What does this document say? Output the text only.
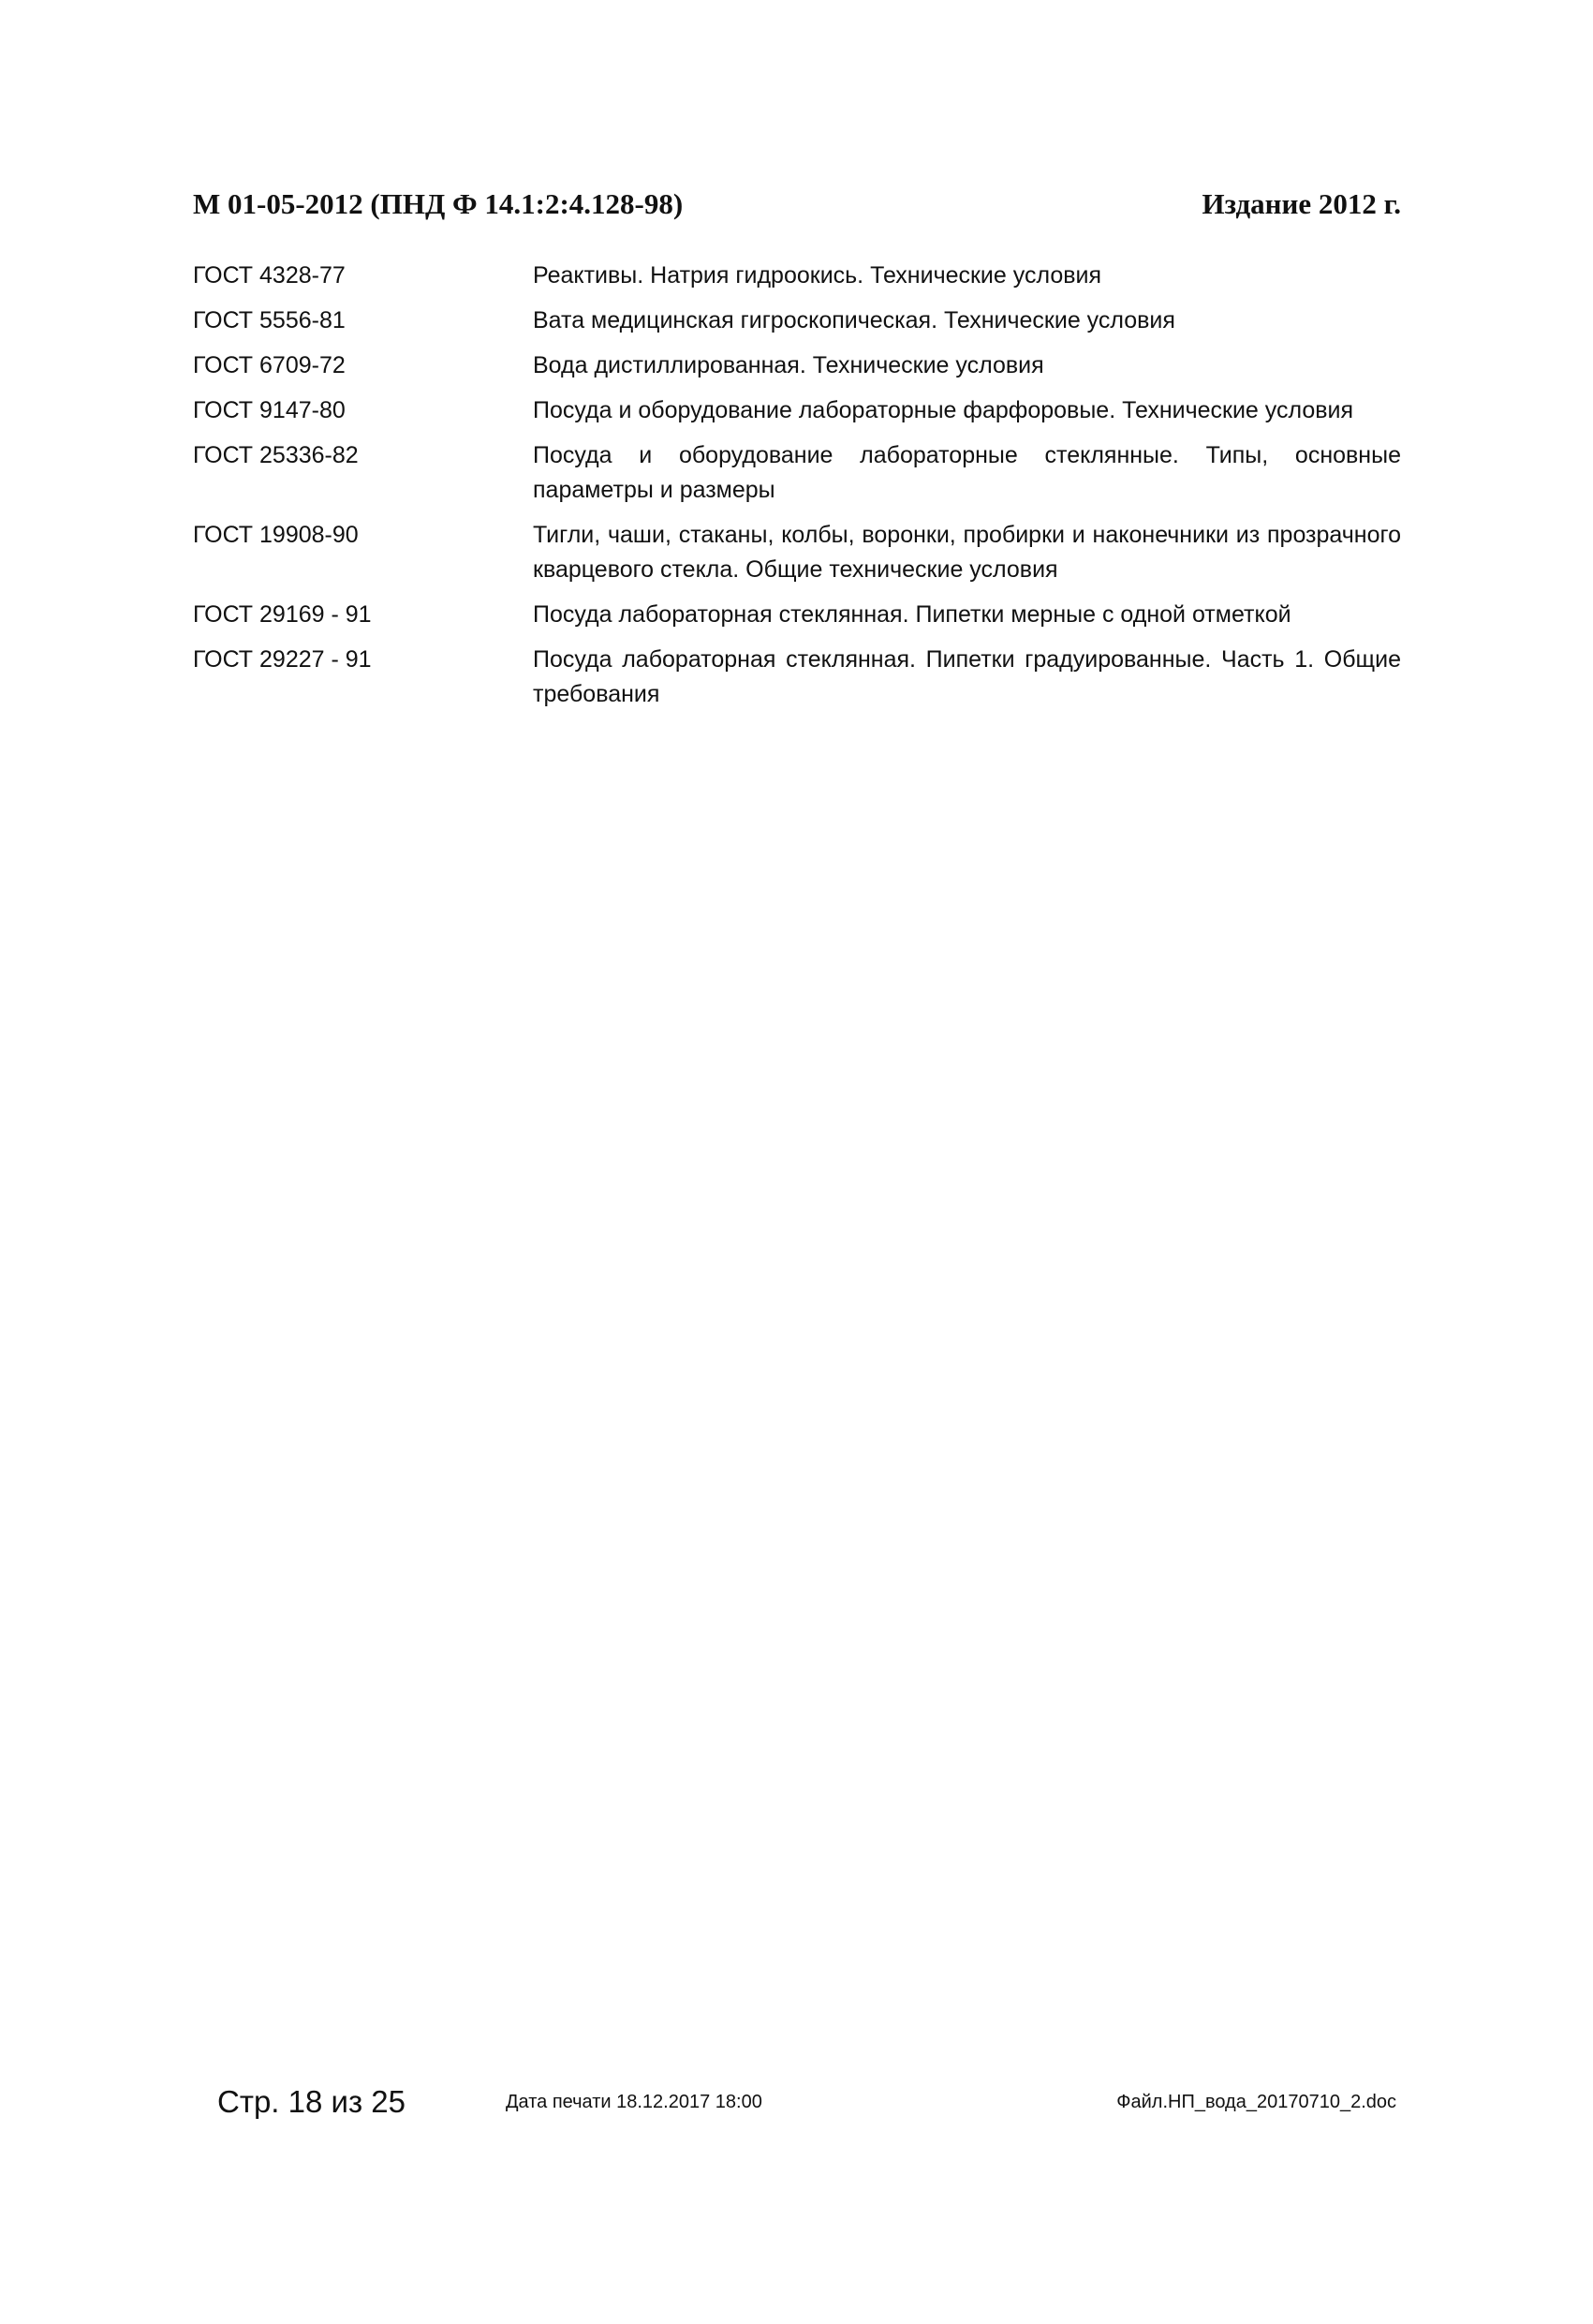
М 01-05-2012 (ПНД Ф 14.1:2:4.128-98)	Издание 2012 г.
ГОСТ 4328-77	Реактивы. Натрия гидроокись. Технические условия
ГОСТ 5556-81	Вата медицинская гигроскопическая. Технические условия
ГОСТ 6709-72	Вода дистиллированная. Технические условия
ГОСТ 9147-80	Посуда и оборудование лабораторные фарфоровые. Технические условия
ГОСТ 25336-82	Посуда и оборудование лабораторные стеклянные. Типы, основные параметры и размеры
ГОСТ 19908-90	Тигли, чаши, стаканы, колбы, воронки, пробирки и наконечники из прозрачного кварцевого стекла. Общие технические условия
ГОСТ 29169 - 91	Посуда лабораторная стеклянная. Пипетки мерные с одной отметкой
ГОСТ 29227 - 91	Посуда лабораторная стеклянная. Пипетки градуированные. Часть 1. Общие требования
Стр. 18 из 25	Дата печати 18.12.2017 18:00	Файл.НП_вода_20170710_2.doc
